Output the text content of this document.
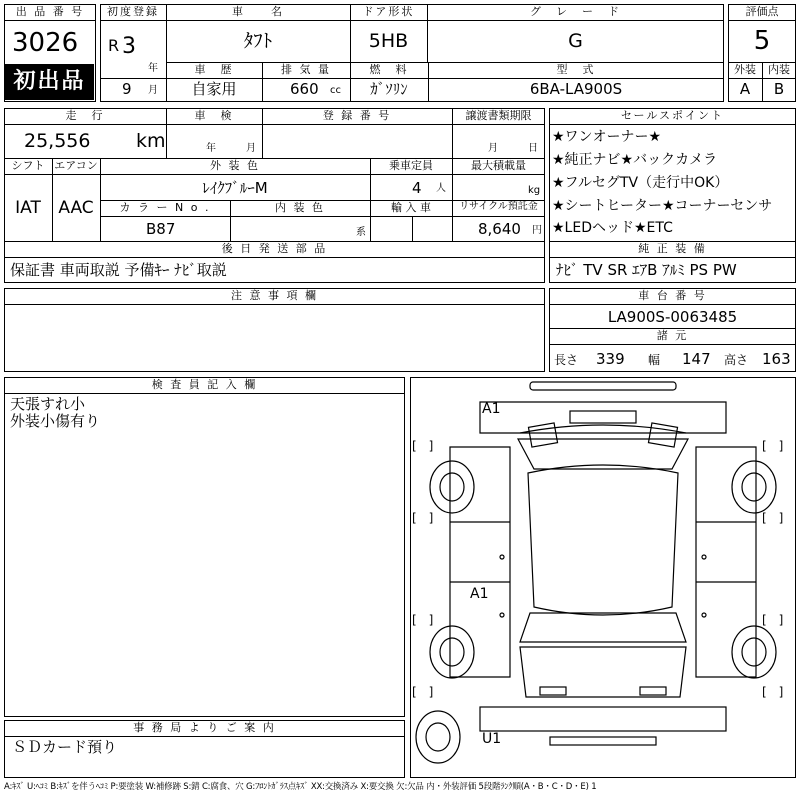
出 品 番 号
3026
初出品
初度登録
R 3
年
9 月
車　　名
ﾀﾌﾄ
ドア形状
5HB
グ　レ　ー　ド
G
車　歴
自家用
排 気 量
660 cc
燃　料
ｶﾞｿﾘﾝ
型　式
6BA-LA900S
評価点
5
外装	内装
A	B
走　行
25,556 km
車　検
年	月
登 録 番 号	譲渡書類期限
月	日
シフト エアコン
IAT	AAC
外 装 色
ﾚｲｸﾌﾞﾙｰM
乗車定員
4 人
最大積載量
kg
カ ラ ー N o .
B87
内 装 色
系
輸 入 車	リサイクル預託金
8,640 円
セールスポイント
★ワンオーナー★
★純正ナビ★バックカメラ
★フルセグTV（走行中OK）
★シートヒーター★コーナーセンサ
★LEDヘッド★ETC
後 日 発 送 部 品
保証書 車両取説 予備ｷｰ ﾅﾋﾞ取説
純 正 装 備
ﾅﾋﾞ TV SR ｴｱB ｱﾙﾐ PS PW
注 意 事 項 欄	車 台 番 号
LA900S-0063485
諸 元
長さ 339 幅 147 高さ 163
検 査 員 記 入 欄
天張すれ小
外装小傷有り
事 務 局 よ り ご 案 内
ＳＤカード預り
A1
A1
U1
[　]	[　]
[　]	[　]
[　]	[　]
[　]	[　]
A:ｷｽﾞ U:ﾍｺﾐ B:ｷｽﾞを伴うﾍｺﾐ P:要塗装 W:補修跡 S:錆 C:腐食、穴 G:ﾌﾛﾝﾄｶﾞﾗｽ点ｷｽﾞ XX:交換済み X:要交換 欠:欠品 内・外装評価 5段階ﾗﾝｸ順(A・B・C・D・E) 1
